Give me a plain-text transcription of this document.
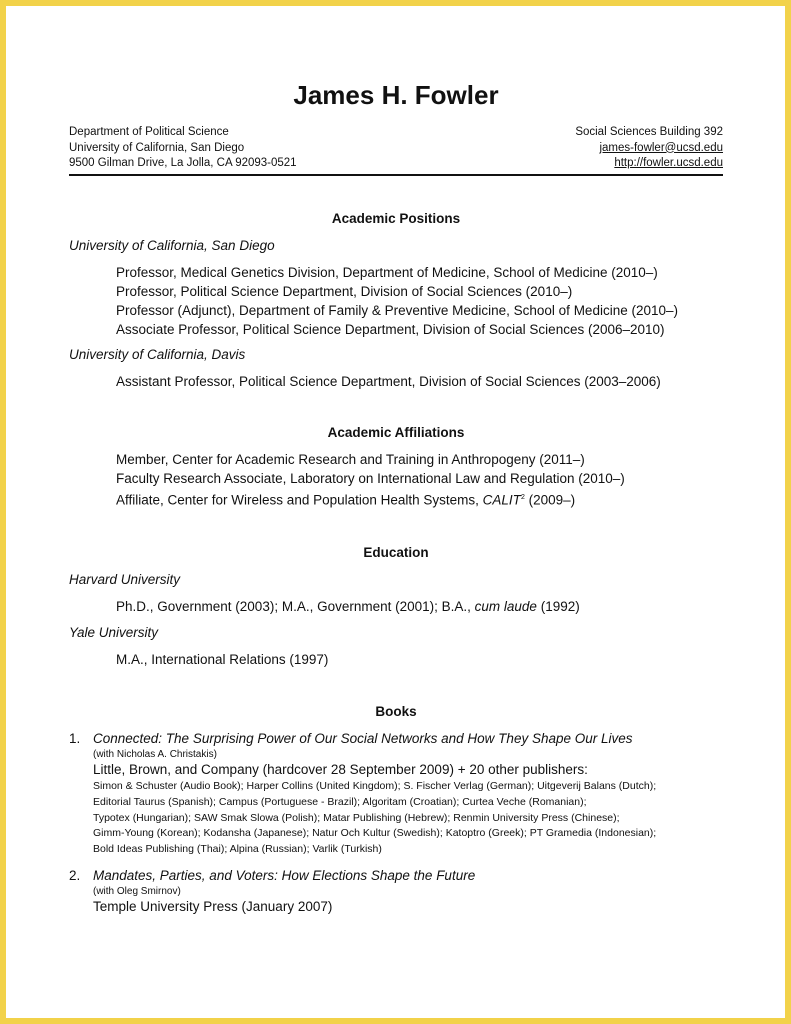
James H. Fowler
Department of Political Science
University of California, San Diego
9500 Gilman Drive, La Jolla, CA 92093-0521
Social Sciences Building 392
james-fowler@ucsd.edu
http://fowler.ucsd.edu
Academic Positions

University of California, San Diego

Professor, Medical Genetics Division, Department of Medicine, School of Medicine (2010–)
Professor, Political Science Department, Division of Social Sciences (2010–)
Professor (Adjunct), Department of Family & Preventive Medicine, School of Medicine (2010–)
Associate Professor, Political Science Department, Division of Social Sciences (2006–2010)

University of California, Davis

Assistant Professor, Political Science Department, Division of Social Sciences (2003–2006)
Academic Affiliations
Member, Center for Academic Research and Training in Anthropogeny (2011–)
Faculty Research Associate, Laboratory on International Law and Regulation (2010–)
Affiliate, Center for Wireless and Population Health Systems, CALIT$^2$ (2009–)
Education

Harvard University

Ph.D., Government (2003); M.A., Government (2001); B.A., cum laude (1992)

Yale University

M.A., International Relations (1997)
Books
1. Connected: The Surprising Power of Our Social Networks and How They Shape Our Lives
(with Nicholas A. Christakis)
Little, Brown, and Company (hardcover 28 September 2009) + 20 other publishers:
Simon & Schuster (Audio Book); Harper Collins (United Kingdom); S. Fischer Verlag (German); Uitgeverij Balans (Dutch);
Editorial Taurus (Spanish); Campus (Portuguese - Brazil); Algoritam (Croatian); Curtea Veche (Romanian);
Typotex (Hungarian); SAW Smak Slowa (Polish); Matar Publishing (Hebrew); Renmin University Press (Chinese);
Gimm-Young (Korean); Kodansha (Japanese); Natur Och Kultur (Swedish); Katoptro (Greek); PT Gramedia (Indonesian);
Bold Ideas Publishing (Thai); Alpina (Russian); Varlik (Turkish)
2. Mandates, Parties, and Voters: How Elections Shape the Future
(with Oleg Smirnov)
Temple University Press (January 2007)
